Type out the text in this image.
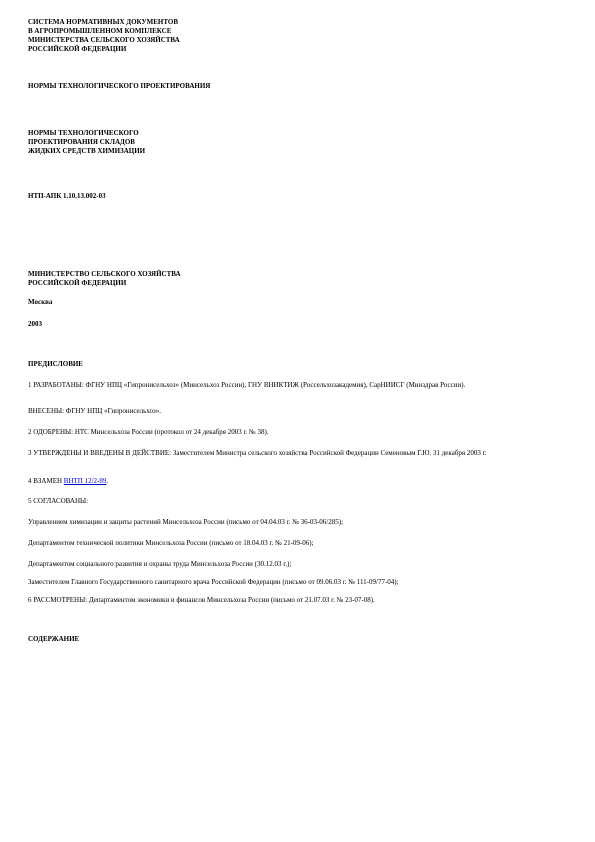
СИСТЕМА НОРМАТИВНЫХ ДОКУМЕНТОВ
В АГРОПРОМЫШЛЕННОМ КОМПЛЕКСЕ
МИНИСТЕРСТВА СЕЛЬСКОГО ХОЗЯЙСТВА
РОССИЙСКОЙ ФЕДЕРАЦИИ
НОРМЫ ТЕХНОЛОГИЧЕСКОГО ПРОЕКТИРОВАНИЯ
НОРМЫ ТЕХНОЛОГИЧЕСКОГО
ПРОЕКТИРОВАНИЯ СКЛАДОВ
ЖИДКИХ СРЕДСТВ ХИМИЗАЦИИ
НТП-АПК 1.10.13.002-03
МИНИСТЕРСТВО СЕЛЬСКОГО ХОЗЯЙСТВА
РОССИЙСКОЙ ФЕДЕРАЦИИ
Москва
2003
ПРЕДИСЛОВИЕ
1 РАЗРАБОТАНЫ: ФГНУ НПЦ «Гипронисельхоз» (Минсельхоз России), ГНУ ВНИКТИЖ (Россельхозакадемия), СарНИИСГ (Минздрав России).
ВНЕСЕНЫ: ФГНУ НПЦ «Гипронисельхоз».
2 ОДОБРЕНЫ: НТС Минсельхоза России (протокол от 24 декабря 2003 г. № 38).
3 УТВЕРЖДЕНЫ И ВВЕДЕНЫ В ДЕЙСТВИЕ: Заместителем Министра сельского хозяйства Российской Федерации Семеновым Г.Ю. 31 декабря 2003 г.
4 ВЗАМЕН ВНТП 12/2-89.
5 СОГЛАСОВАНЫ:
Управлением химизации и защиты растений Минсельхоза России (письмо от 04.04.03 г. № 36-03-06/285);
Департаментом технической политики Минсельхоза России (письмо от 18.04.03 г. № 21-09-06);
Департаментом социального развития и охраны труда Минсельхоза России (30.12.03 г.);
Заместителем Главного Государственного санитарного врача Российской Федерации (письмо от 09.06.03 г. № 111-09/77-04);
6 РАССМОТРЕНЫ: Департаментом экономики и финансов Минсельхоза России (письмо от 21.07.03 г. № 23-07-08).
СОДЕРЖАНИЕ
